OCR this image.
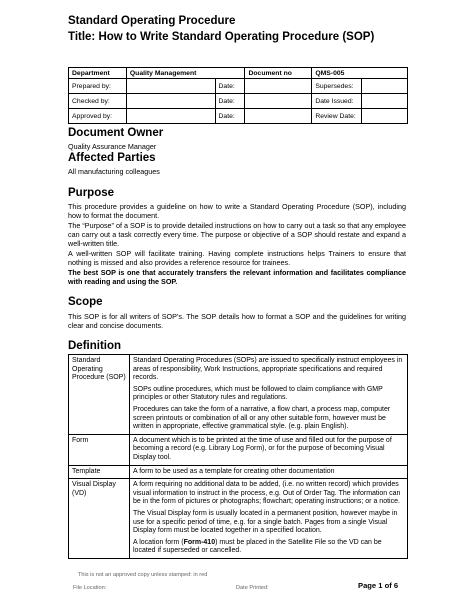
Standard Operating Procedure
Title: How to Write Standard Operating Procedure (SOP)
Department	Quality Management		Document no	QMS-005	
Prepared by:		Date:		Supersedes:	
Checked by:		Date:		Date Issued:	
Approved by:		Date:		Review Date:	
Document Owner
Quality Assurance Manager
Affected Parties
All manufacturing colleagues
Purpose
This procedure provides a guideline on how to write a Standard Operating Procedure (SOP), including how to format the document.
The “Purpose” of a SOP is to provide detailed instructions on how to carry out a task so that any employee can carry out a task correctly every time. The purpose or objective of a SOP should restate and expand a well-written title.
A well-written SOP will facilitate training. Having complete instructions helps Trainers to ensure that nothing is missed and also provides a reference resource for trainees.
The best SOP is one that accurately transfers the relevant information and facilitates compliance with reading and using the SOP.
Scope
This SOP is for all writers of SOP’s. The SOP details how to format a SOP and the guidelines for writing clear and concise documents.
Definition
Standard Operating Procedure (SOP)	Standard Operating Procedures (SOPs) are issued to specifically instruct employees in areas of responsibility, Work Instructions, appropriate specifications and required records.

SOPs outline procedures, which must be followed to claim compliance with GMP principles or other Statutory rules and regulations.

Procedures can take the form of a narrative, a flow chart, a process map, computer screen printouts or combination of all or any other suitable form, however must be written in appropriate, effective grammatical style. (e.g. plain English).

Form	A document which is to be printed at the time of use and filled out for the purpose of becoming a record (e.g. Library Log Form), or for the purpose of becoming Visual Display tool.

Template	A form to be used as a template for creating other documentation

Visual Display (VD)	A form requiring no additional data to be added, (i.e. no written record) which provides visual information to instruct in the process, e.g. Out of Order Tag. The information can be in the form of pictures or photographs; flowchart; operating instructions; or a notice.

The Visual Display form is usually located in a permanent position, however maybe in use for a specific period of time, e.g. for a single batch. Pages from a single Visual Display form must be located together in a specified location.

A location form (Form-410) must be placed in the Satellite File so the VD can be located if superseded or cancelled.

This is not an approved copy unless stamped: in red
File Location:	Date Printed:	Page 1 of 6
